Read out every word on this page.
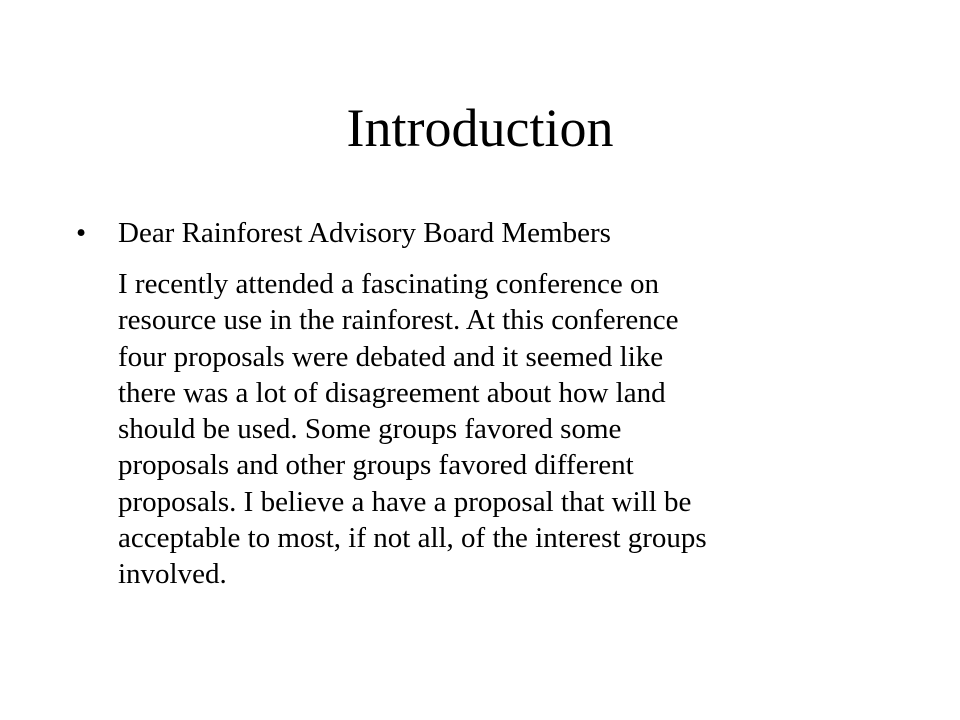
Introduction
•	Dear Rainforest Advisory Board Members

I recently attended a fascinating conference on
resource use in the rainforest. At this conference
four proposals were debated and it seemed like
there was a lot of disagreement about how land
should be used. Some groups favored some
proposals and other groups favored different
proposals. I believe a have a proposal that will be
acceptable to most, if not all, of the interest groups
involved.
